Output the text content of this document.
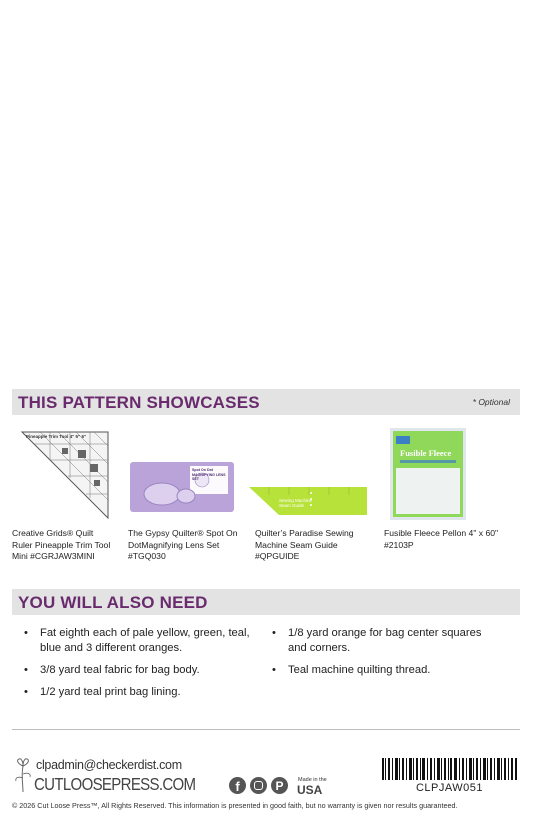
THIS PATTERN SHOWCASES	* Optional
Pineapple Trim Tool 4" 5" 6"
Creative Grids® Quilt Ruler Pineapple Trim Tool Mini #CGRJAW3MINI
Spot On Dot MAGNIFYING LENS SET
The Gypsy Quilter® Spot On DotMagnifying Lens Set #TGQ030
Sewing Machine Seam Guide
Quilter’s Paradise Sewing Machine Seam Guide #QPGUIDE
Fusible Fleece
Fusible Fleece Pellon 4" x 60" #2103P
YOU WILL ALSO NEED
• Fat eighth each of pale yellow, green, teal, blue and 3 different oranges.
• 3/8 yard teal fabric for bag body.
• 1/2 yard teal print bag lining.
• 1/8 yard orange for bag center squares and corners.
• Teal machine quilting thread.
clpadmin@checkerdist.com
CUTLOOSEPRESS.COM	f	P	Made in the
USA	CLPJAW051
© 2026 Cut Loose Press™, All Rights Reserved. This information is presented in good faith, but no warranty is given nor results guaranteed.
